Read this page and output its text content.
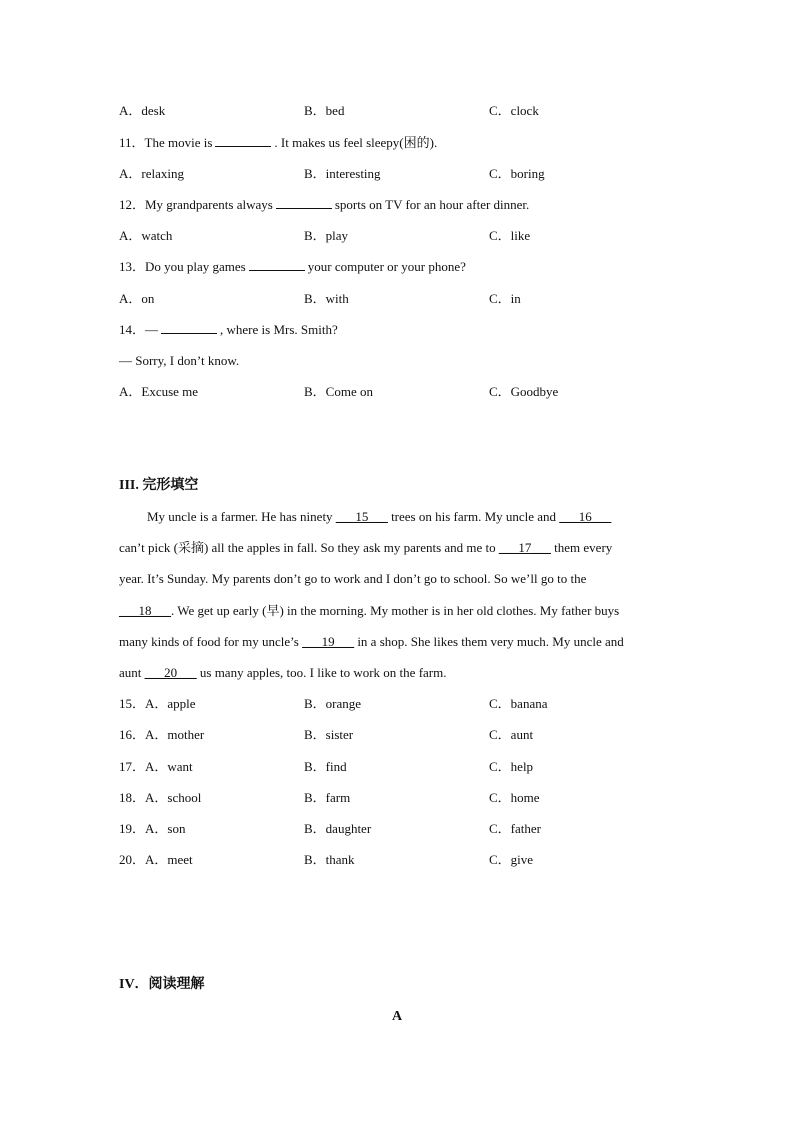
A．desk	B．bed	C．clock
11．The movie is	. It makes us feel sleepy(困的).
A．relaxing	B．interesting	C．boring
12．My grandparents always	sports on TV for an hour after dinner.
A．watch	B．play	C．like
13．Do you play games	your computer or your phone?
A．on	B．with	C．in
14．—	, where is Mrs. Smith?
— Sorry, I don’t know.
A．Excuse me	B．Come on	C．Goodbye
III. 完形填空
My uncle is a farmer. He has ninety ___15___ trees on his farm. My uncle and ___16___
can’t pick (采摘) all the apples in fall. So they ask my parents and me to ___17___ them every
year. It’s Sunday. My parents don’t go to work and I don’t go to school. So we’ll go to the
___18___. We get up early (早) in the morning. My mother is in her old clothes. My father buys
many kinds of food for my uncle’s ___19___ in a shop. She likes them very much. My uncle and
aunt ___20___ us many apples, too. I like to work on the farm.
15．A．apple	B．orange	C．banana
16．A．mother	B．sister	C．aunt
17．A．want	B．find	C．help
18．A．school	B．farm	C．home
19．A．son	B．daughter	C．father
20．A．meet	B．thank	C．give
IV．阅读理解
A
